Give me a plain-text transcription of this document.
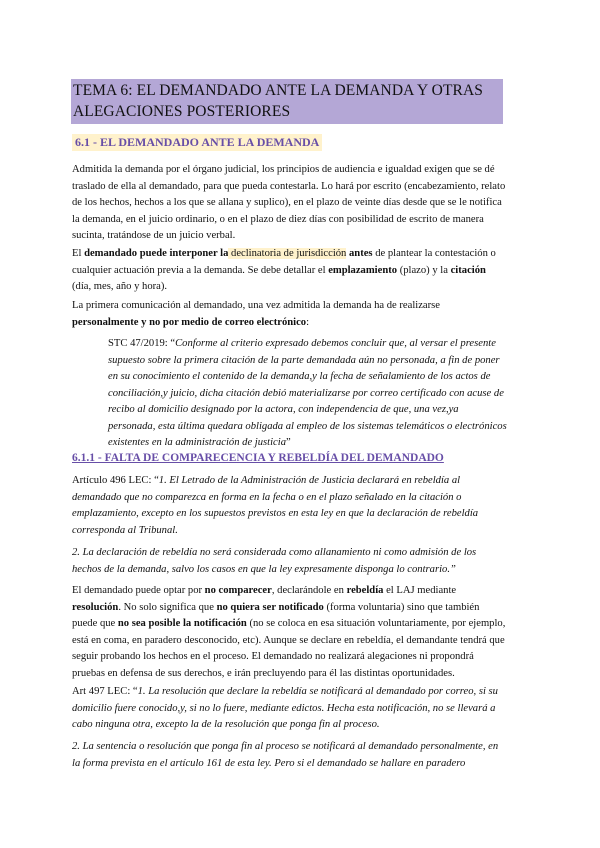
TEMA 6: EL DEMANDADO ANTE LA DEMANDA Y OTRAS
ALEGACIONES POSTERIORES
6.1 - EL DEMANDADO ANTE LA DEMANDA
Admitida la demanda por el órgano judicial, los principios de audiencia e igualdad exigen que se dé
traslado de ella al demandado, para que pueda contestarla. Lo hará por escrito (encabezamiento, relato
de los hechos, hechos a los que se allana y suplico), en el plazo de veinte días desde que se le notifica
la demanda, en el juicio ordinario, o en el plazo de diez días con posibilidad de escrito de manera
sucinta, tratándose de un juicio verbal.
El demandado puede interponer la declinatoria de jurisdicción antes de plantear la contestación o
cualquier actuación previa a la demanda. Se debe detallar el emplazamiento (plazo) y la citación
(día, mes, año y hora).
La primera comunicación al demandado, una vez admitida la demanda ha de realizarse
personalmente y no por medio de correo electrónico:
STC 47/2019: “Conforme al criterio expresado debemos concluir que, al versar el presente
supuesto sobre la primera citación de la parte demandada aún no personada, a fin de poner
en su conocimiento el contenido de la demanda,y la fecha de señalamiento de los actos de
conciliación,y juicio, dicha citación debió materializarse por correo certificado con acuse de
recibo al domicilio designado por la actora, con independencia de que, una vez,ya
personada, esta última quedara obligada al empleo de los sistemas telemáticos o electrónicos
existentes en la administración de justicia”
6.1.1 - FALTA DE COMPARECENCIA Y REBELDÍA DEL DEMANDADO
Artículo 496 LEC: “1. El Letrado de la Administración de Justicia declarará en rebeldía al
demandado que no comparezca en forma en la fecha o en el plazo señalado en la citación o
emplazamiento, excepto en los supuestos previstos en esta ley en que la declaración de rebeldía
corresponda al Tribunal.
2. La declaración de rebeldía no será considerada como allanamiento ni como admisión de los
hechos de la demanda, salvo los casos en que la ley expresamente disponga lo contrario.”
El demandado puede optar por no comparecer, declarándole en rebeldía el LAJ mediante
resolución. No solo significa que no quiera ser notificado (forma voluntaria) sino que también
puede que no sea posible la notificación (no se coloca en esa situación voluntariamente, por ejemplo,
está en coma, en paradero desconocido, etc). Aunque se declare en rebeldía, el demandante tendrá que
seguir probando los hechos en el proceso. El demandado no realizará alegaciones ni propondrá
pruebas en defensa de sus derechos, e irán precluyendo para él las distintas oportunidades.
Art 497 LEC: “1. La resolución que declare la rebeldía se notificará al demandado por correo, si su
domicilio fuere conocido,y, si no lo fuere, mediante edictos. Hecha esta notificación, no se llevará a
cabo ninguna otra, excepto la de la resolución que ponga fin al proceso.
2. La sentencia o resolución que ponga fin al proceso se notificará al demandado personalmente, en
la forma prevista en el artículo 161 de esta ley. Pero si el demandado se hallare en paradero
